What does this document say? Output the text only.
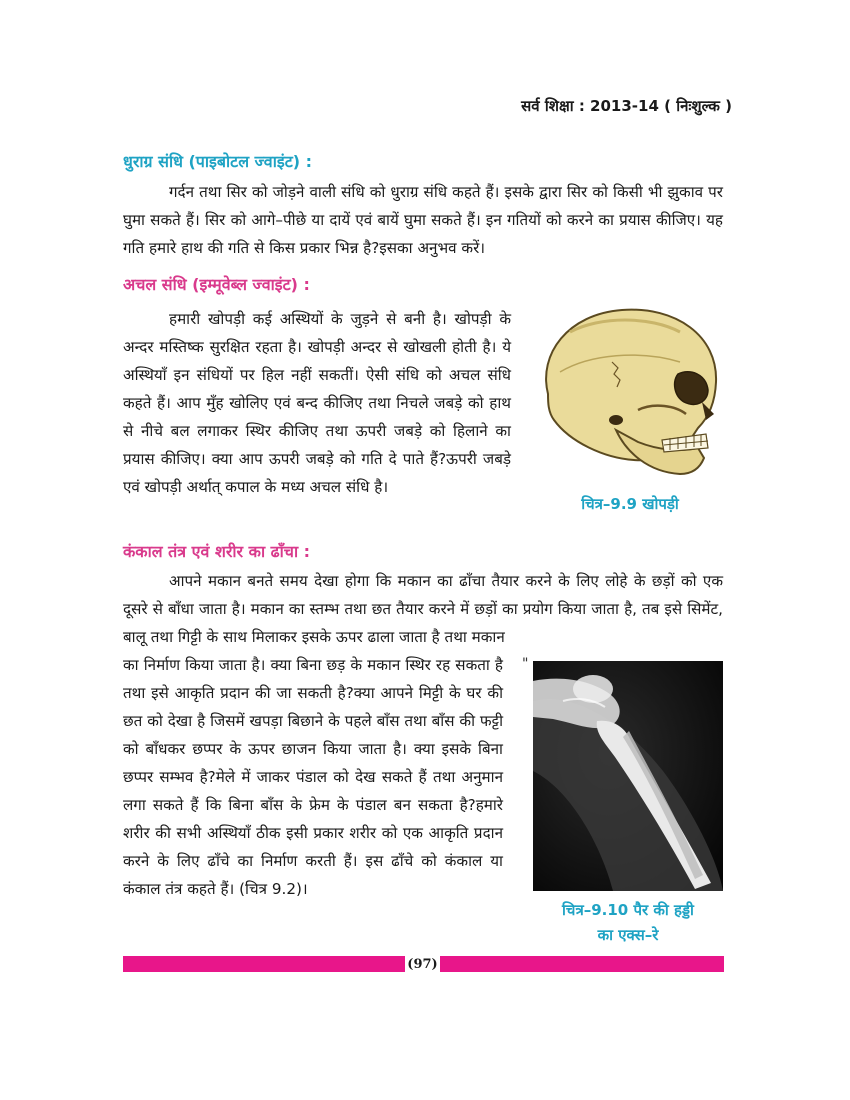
सर्व शिक्षा : 2013-14 ( निःशुल्क )
धुराग्र संधि (पाइबोटल ज्वाइंट) :
गर्दन तथा सिर को जोड़ने वाली संधि को धुराग्र संधि कहते हैं। इसके द्वारा सिर को किसी भी झुकाव पर घुमा सकते हैं। सिर को आगे–पीछे या दायें एवं बायें घुमा सकते हैं। इन गतियों को करने का प्रयास कीजिए। यह गति हमारे हाथ की गति से किस प्रकार भिन्न है?इसका अनुभव करें।
अचल संधि (इम्मूवेब्ल ज्वाइंट) :
हमारी खोपड़ी कई अस्थियों के जुड़ने से बनी है। खोपड़ी के अन्दर मस्तिष्क सुरक्षित रहता है। खोपड़ी अन्दर से खोखली होती है। ये अस्थियाँ इन संधियों पर हिल नहीं सकतीं। ऐसी संधि को अचल संधि कहते हैं। आप मुँह खोलिए एवं बन्द कीजिए तथा निचले जबड़े को हाथ से नीचे बल लगाकर स्थिर कीजिए तथा ऊपरी जबड़े को हिलाने का प्रयास कीजिए। क्या आप ऊपरी जबड़े को गति दे पाते हैं?ऊपरी जबड़े एवं खोपड़ी अर्थात् कपाल के मध्य अचल संधि है।
चित्र–9.9 खोपड़ी
कंकाल तंत्र एवं शरीर का ढाँचा :
आपने मकान बनते समय देखा होगा कि मकान का ढाँचा तैयार करने के लिए लोहे के छड़ों को एक दूसरे से बाँधा जाता है। मकान का स्तम्भ तथा छत तैयार करने में छड़ों का प्रयोग किया जाता है, तब इसे सिमेंट, बालू तथा गिट्टी के साथ मिलाकर इसके ऊपर ढाला जाता है तथा मकान
का निर्माण किया जाता है। क्या बिना छड़ के मकान स्थिर रह सकता है तथा इसे आकृति प्रदान की जा सकती है?क्या आपने मिट्टी के घर की छत को देखा है जिसमें खपड़ा बिछाने के पहले बाँस तथा बाँस की फट्टी को बाँधकर छप्पर के ऊपर छाजन किया जाता है। क्या इसके बिना छप्पर सम्भव है?मेले में जाकर पंडाल को देख सकते हैं तथा अनुमान लगा सकते हैं कि बिना बाँस के फ्रेम के पंडाल बन सकता है?हमारे शरीर की सभी अस्थियाँ ठीक इसी प्रकार शरीर को एक आकृति प्रदान करने के लिए ढाँचे का निर्माण करती हैं। इस ढाँचे को कंकाल या कंकाल तंत्र कहते हैं। (चित्र 9.2)।
"
चित्र–9.10 पैर की हड्डी
का एक्स–रे
(97)
